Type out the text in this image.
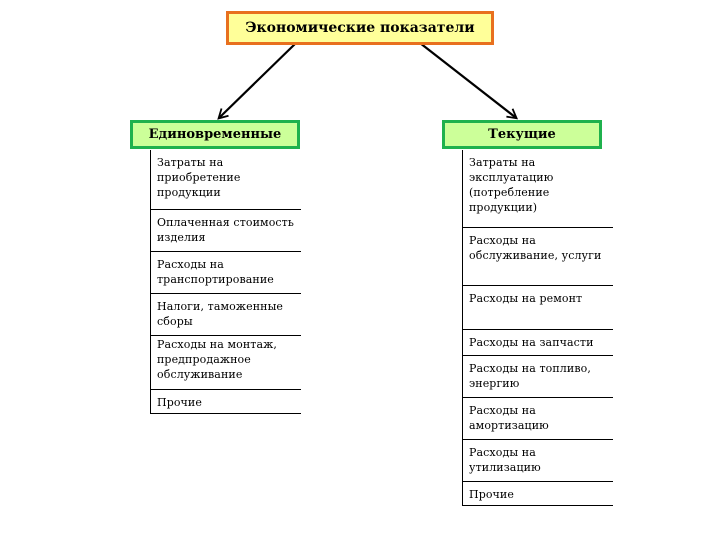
Экономические показатели
Единовременные	Текущие
Затраты на приобретение продукции
Оплаченная стоимость изделия
Расходы на транспортирование
Налоги, таможенные сборы
Расходы на монтаж, предпродажное обслуживание
Прочие
Затраты на эксплуатацию (потребление продукции)
Расходы на обслуживание, услуги
Расходы на ремонт
Расходы на запчасти
Расходы на топливо, энергию
Расходы на амортизацию
Расходы на утилизацию
Прочие
